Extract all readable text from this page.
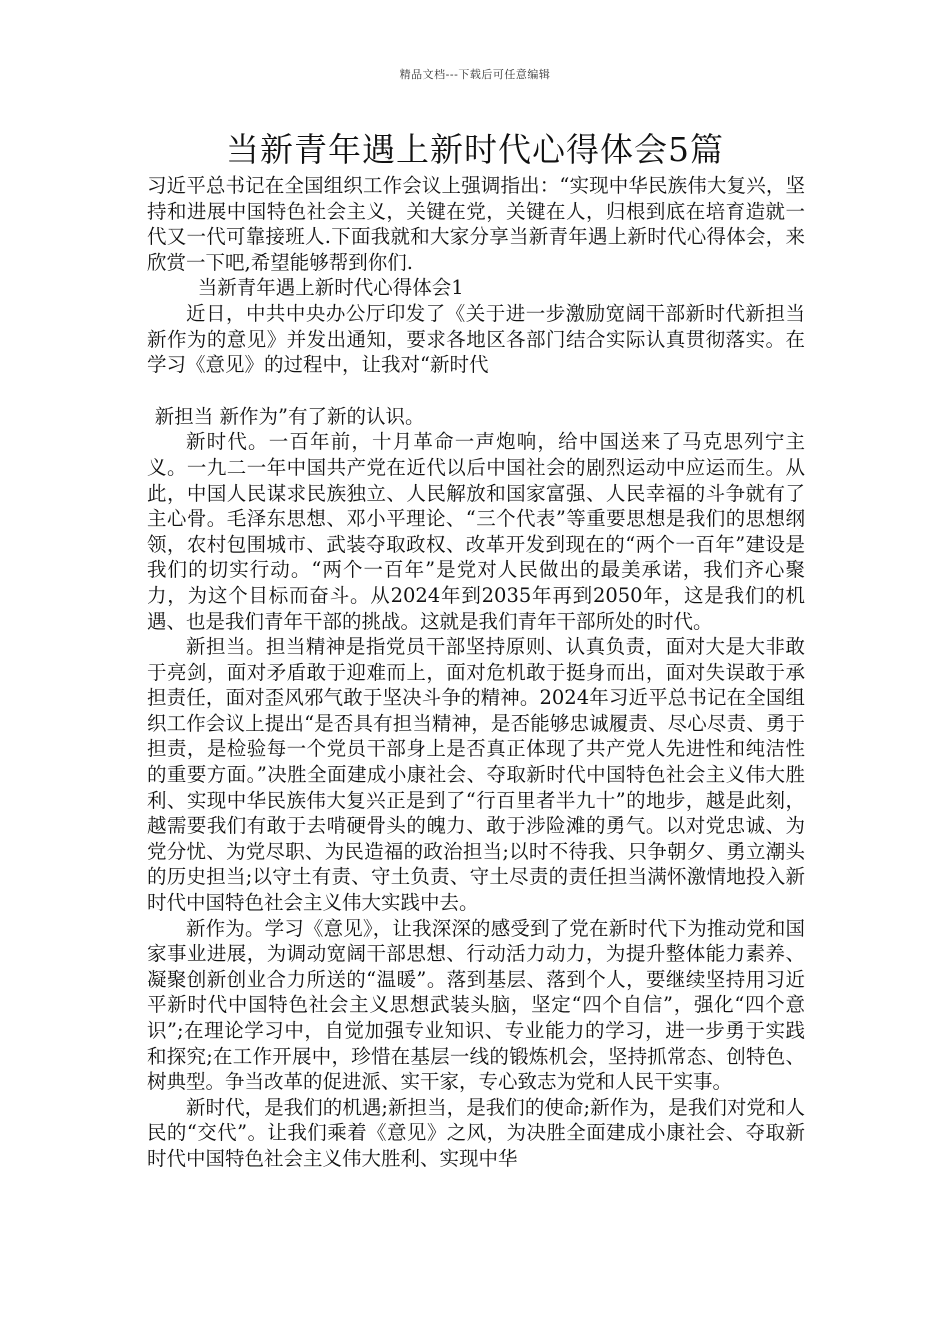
精品文档---下载后可任意编辑
当新青年遇上新时代心得体会5篇

习近平总书记在全国组织工作会议上强调指出：“实现中华民族伟大复兴，坚持和进展中国特色社会主义，关键在党，关键在人，归根到底在培育造就一代又一代可靠接班人.下面我就和大家分享当新青年遇上新时代心得体会，来欣赏一下吧,希望能够帮到你们.

当新青年遇上新时代心得体会1

近日，中共中央办公厅印发了《关于进一步激励宽阔干部新时代新担当新作为的意见》并发出通知，要求各地区各部门结合实际认真贯彻落实。在学习《意见》的过程中，让我对“新时代

新担当 新作为”有了新的认识。

新时代。一百年前，十月革命一声炮响，给中国送来了马克思列宁主义。一九二一年中国共产党在近代以后中国社会的剧烈运动中应运而生。从此，中国人民谋求民族独立、人民解放和国家富强、人民幸福的斗争就有了主心骨。毛泽东思想、邓小平理论、“三个代表”等重要思想是我们的思想纲领，农村包围城市、武装夺取政权、改革开发到现在的“两个一百年”建设是我们的切实行动。“两个一百年”是党对人民做出的最美承诺，我们齐心聚力，为这个目标而奋斗。从2024年到2035年再到2050年，这是我们的机遇、也是我们青年干部的挑战。这就是我们青年干部所处的时代。

新担当。担当精神是指党员干部坚持原则、认真负责，面对大是大非敢于亮剑，面对矛盾敢于迎难而上，面对危机敢于挺身而出，面对失误敢于承担责任，面对歪风邪气敢于坚决斗争的精神。2024年习近平总书记在全国组织工作会议上提出“是否具有担当精神，是否能够忠诚履责、尽心尽责、勇于担责，是检验每一个党员干部身上是否真正体现了共产党人先进性和纯洁性的重要方面。”决胜全面建成小康社会、夺取新时代中国特色社会主义伟大胜利、实现中华民族伟大复兴正是到了“行百里者半九十”的地步，越是此刻，越需要我们有敢于去啃硬骨头的魄力、敢于涉险滩的勇气。以对党忠诚、为党分忧、为党尽职、为民造福的政治担当;以时不待我、只争朝夕、勇立潮头的历史担当;以守土有责、守土负责、守土尽责的责任担当满怀激情地投入新时代中国特色社会主义伟大实践中去。

新作为。学习《意见》，让我深深的感受到了党在新时代下为推动党和国家事业进展，为调动宽阔干部思想、行动活力动力，为提升整体能力素养、凝聚创新创业合力所送的“温暖”。落到基层、落到个人，要继续坚持用习近平新时代中国特色社会主义思想武装头脑，坚定“四个自信”，强化“四个意识”;在理论学习中，自觉加强专业知识、专业能力的学习，进一步勇于实践和探究;在工作开展中，珍惜在基层一线的锻炼机会，坚持抓常态、创特色、树典型。争当改革的促进派、实干家，专心致志为党和人民干实事。

新时代，是我们的机遇;新担当，是我们的使命;新作为，是我们对党和人民的“交代”。让我们乘着《意见》之风，为决胜全面建成小康社会、夺取新时代中国特色社会主义伟大胜利、实现中华
